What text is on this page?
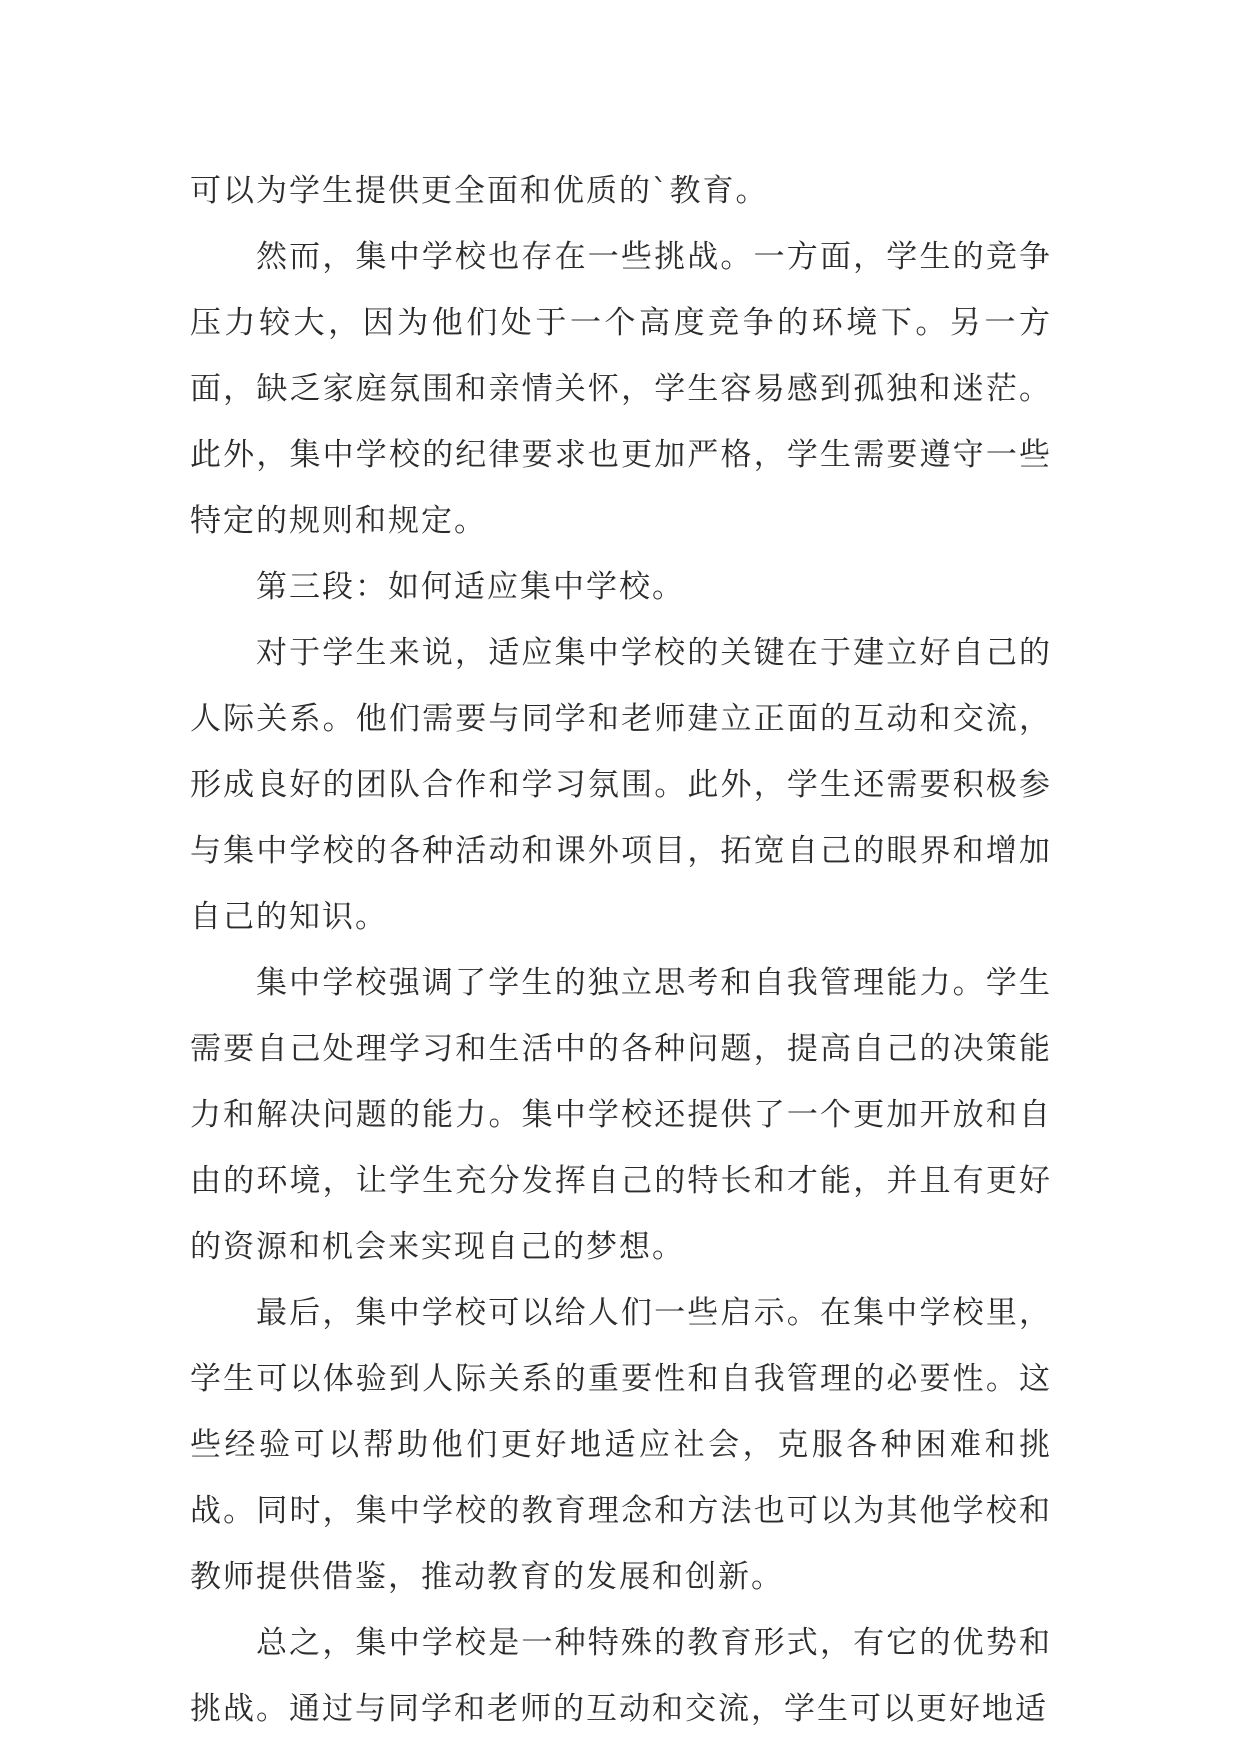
可以为学生提供更全面和优质的`教育。

然而，集中学校也存在一些挑战。一方面，学生的竞争压力较大，因为他们处于一个高度竞争的环境下。另一方面，缺乏家庭氛围和亲情关怀，学生容易感到孤独和迷茫。此外，集中学校的纪律要求也更加严格，学生需要遵守一些特定的规则和规定。

第三段：如何适应集中学校。

对于学生来说，适应集中学校的关键在于建立好自己的人际关系。他们需要与同学和老师建立正面的互动和交流，形成良好的团队合作和学习氛围。此外，学生还需要积极参与集中学校的各种活动和课外项目，拓宽自己的眼界和增加自己的知识。

集中学校强调了学生的独立思考和自我管理能力。学生需要自己处理学习和生活中的各种问题，提高自己的决策能力和解决问题的能力。集中学校还提供了一个更加开放和自由的环境，让学生充分发挥自己的特长和才能，并且有更好的资源和机会来实现自己的梦想。

最后，集中学校可以给人们一些启示。在集中学校里，学生可以体验到人际关系的重要性和自我管理的必要性。这些经验可以帮助他们更好地适应社会，克服各种困难和挑战。同时，集中学校的教育理念和方法也可以为其他学校和教师提供借鉴，推动教育的发展和创新。

总之，集中学校是一种特殊的教育形式，有它的优势和挑战。通过与同学和老师的互动和交流，学生可以更好地适
